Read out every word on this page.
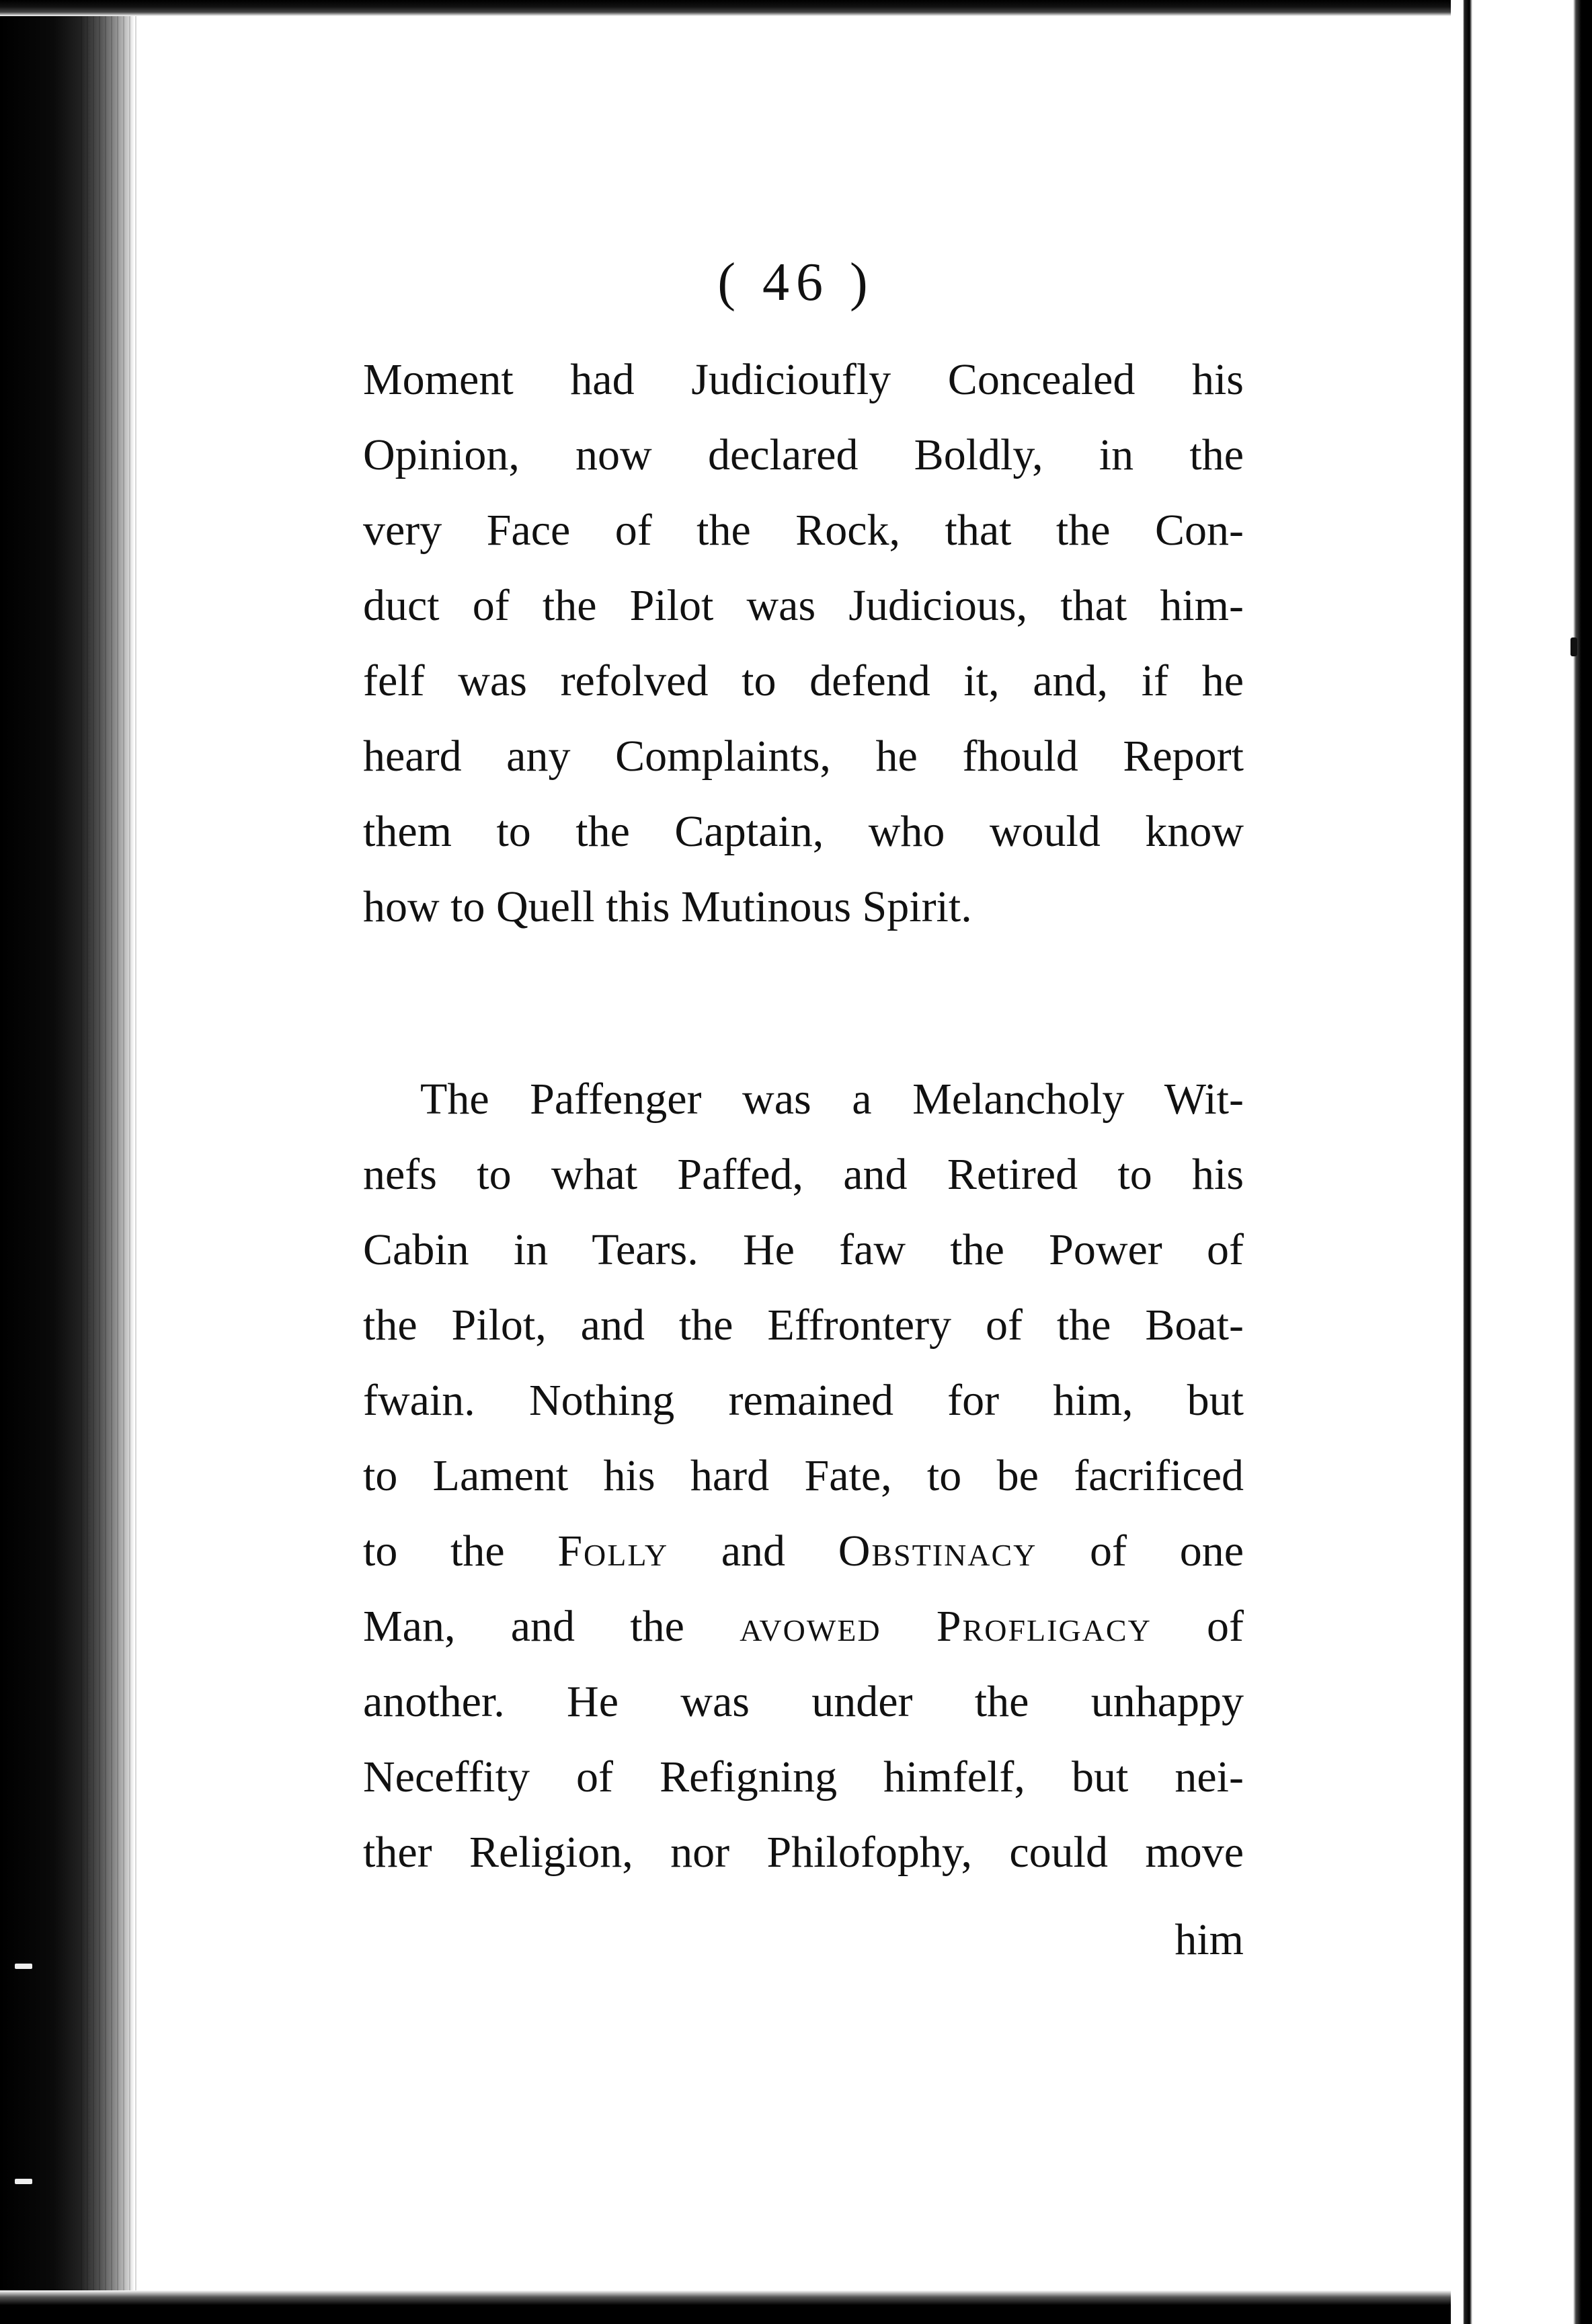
( 46 )
Moment had Judicioufly Concealed his
Opinion, now declared Boldly, in the
very Face of the Rock, that the Con-
duct of the Pilot was Judicious, that him-
felf was refolved to defend it, and, if he
heard any Complaints, he fhould Report
them to the Captain, who would know
how to Quell this Mutinous Spirit.
The Paffenger was a Melancholy Wit-
nefs to what Paffed, and Retired to his
Cabin in Tears. He faw the Power of
the Pilot, and the Effrontery of the Boat-
fwain. Nothing remained for him, but
to Lament his hard Fate, to be facrificed
to the Folly and Obstinacy of one
Man, and the avowed Profligacy of
another. He was under the unhappy
Neceffity of Refigning himfelf, but nei-
ther Religion, nor Philofophy, could move
him
